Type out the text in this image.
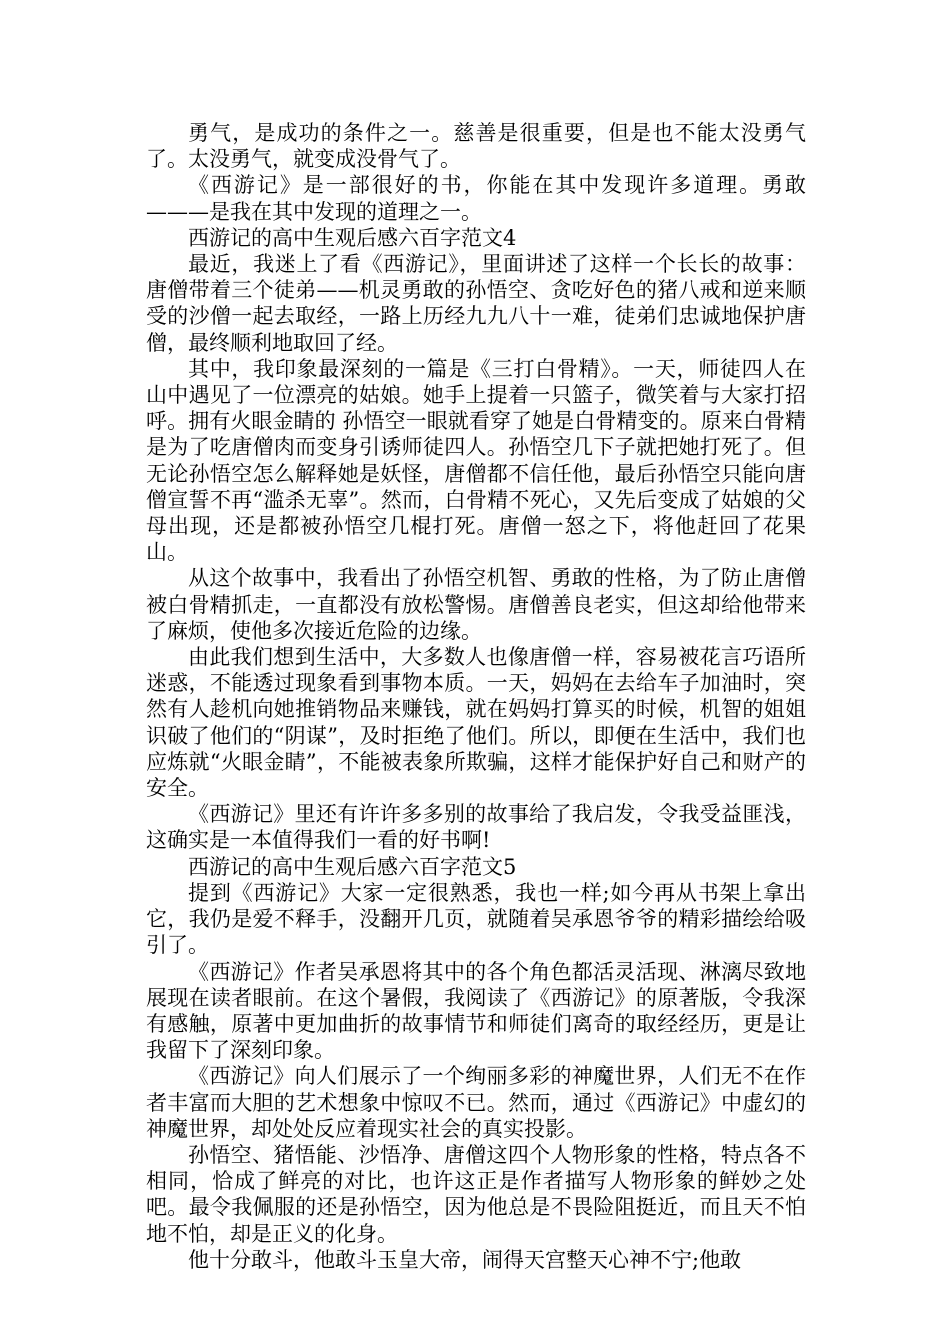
勇气，是成功的条件之一。慈善是很重要，但是也不能太没勇气了。太没勇气，就变成没骨气了。

《西游记》是一部很好的书，你能在其中发现许多道理。勇敢———是我在其中发现的道理之一。

西游记的高中生观后感六百字范文4

最近，我迷上了看《西游记》，里面讲述了这样一个长长的故事：唐僧带着三个徒弟——机灵勇敢的孙悟空、贪吃好色的猪八戒和逆来顺受的沙僧一起去取经，一路上历经九九八十一难，徒弟们忠诚地保护唐僧，最终顺利地取回了经。

其中，我印象最深刻的一篇是《三打白骨精》。一天，师徒四人在山中遇见了一位漂亮的姑娘。她手上提着一只篮子，微笑着与大家打招呼。拥有火眼金睛的 孙悟空一眼就看穿了她是白骨精变的。原来白骨精是为了吃唐僧肉而变身引诱师徒四人。孙悟空几下子就把她打死了。但无论孙悟空怎么解释她是妖怪，唐僧都不信任他，最后孙悟空只能向唐僧宣誓不再“滥杀无辜”。然而，白骨精不死心，又先后变成了姑娘的父母出现，还是都被孙悟空几棍打死。唐僧一怒之下，将他赶回了花果山。

从这个故事中，我看出了孙悟空机智、勇敢的性格，为了防止唐僧被白骨精抓走，一直都没有放松警惕。唐僧善良老实，但这却给他带来了麻烦，使他多次接近危险的边缘。

由此我们想到生活中，大多数人也像唐僧一样，容易被花言巧语所迷惑，不能透过现象看到事物本质。一天，妈妈在去给车子加油时，突然有人趁机向她推销物品来赚钱，就在妈妈打算买的时候，机智的姐姐识破了他们的“阴谋”，及时拒绝了他们。所以，即便在生活中，我们也应炼就“火眼金睛”，不能被表象所欺骗，这样才能保护好自己和财产的安全。

《西游记》里还有许许多多别的故事给了我启发，令我受益匪浅，这确实是一本值得我们一看的好书啊!

西游记的高中生观后感六百字范文5

提到《西游记》大家一定很熟悉，我也一样;如今再从书架上拿出它，我仍是爱不释手，没翻开几页，就随着吴承恩爷爷的精彩描绘给吸引了。

《西游记》作者吴承恩将其中的各个角色都活灵活现、淋漓尽致地展现在读者眼前。在这个暑假，我阅读了《西游记》的原著版，令我深有感触，原著中更加曲折的故事情节和师徒们离奇的取经经历，更是让我留下了深刻印象。

《西游记》向人们展示了一个绚丽多彩的神魔世界，人们无不在作者丰富而大胆的艺术想象中惊叹不已。然而，通过《西游记》中虚幻的神魔世界，却处处反应着现实社会的真实投影。

孙悟空、猪悟能、沙悟净、唐僧这四个人物形象的性格，特点各不相同，恰成了鲜亮的对比，也许这正是作者描写人物形象的鲜妙之处吧。最令我佩服的还是孙悟空，因为他总是不畏险阻挺近，而且天不怕地不怕，却是正义的化身。

他十分敢斗，他敢斗玉皇大帝，闹得天宫整天心神不宁;他敢
